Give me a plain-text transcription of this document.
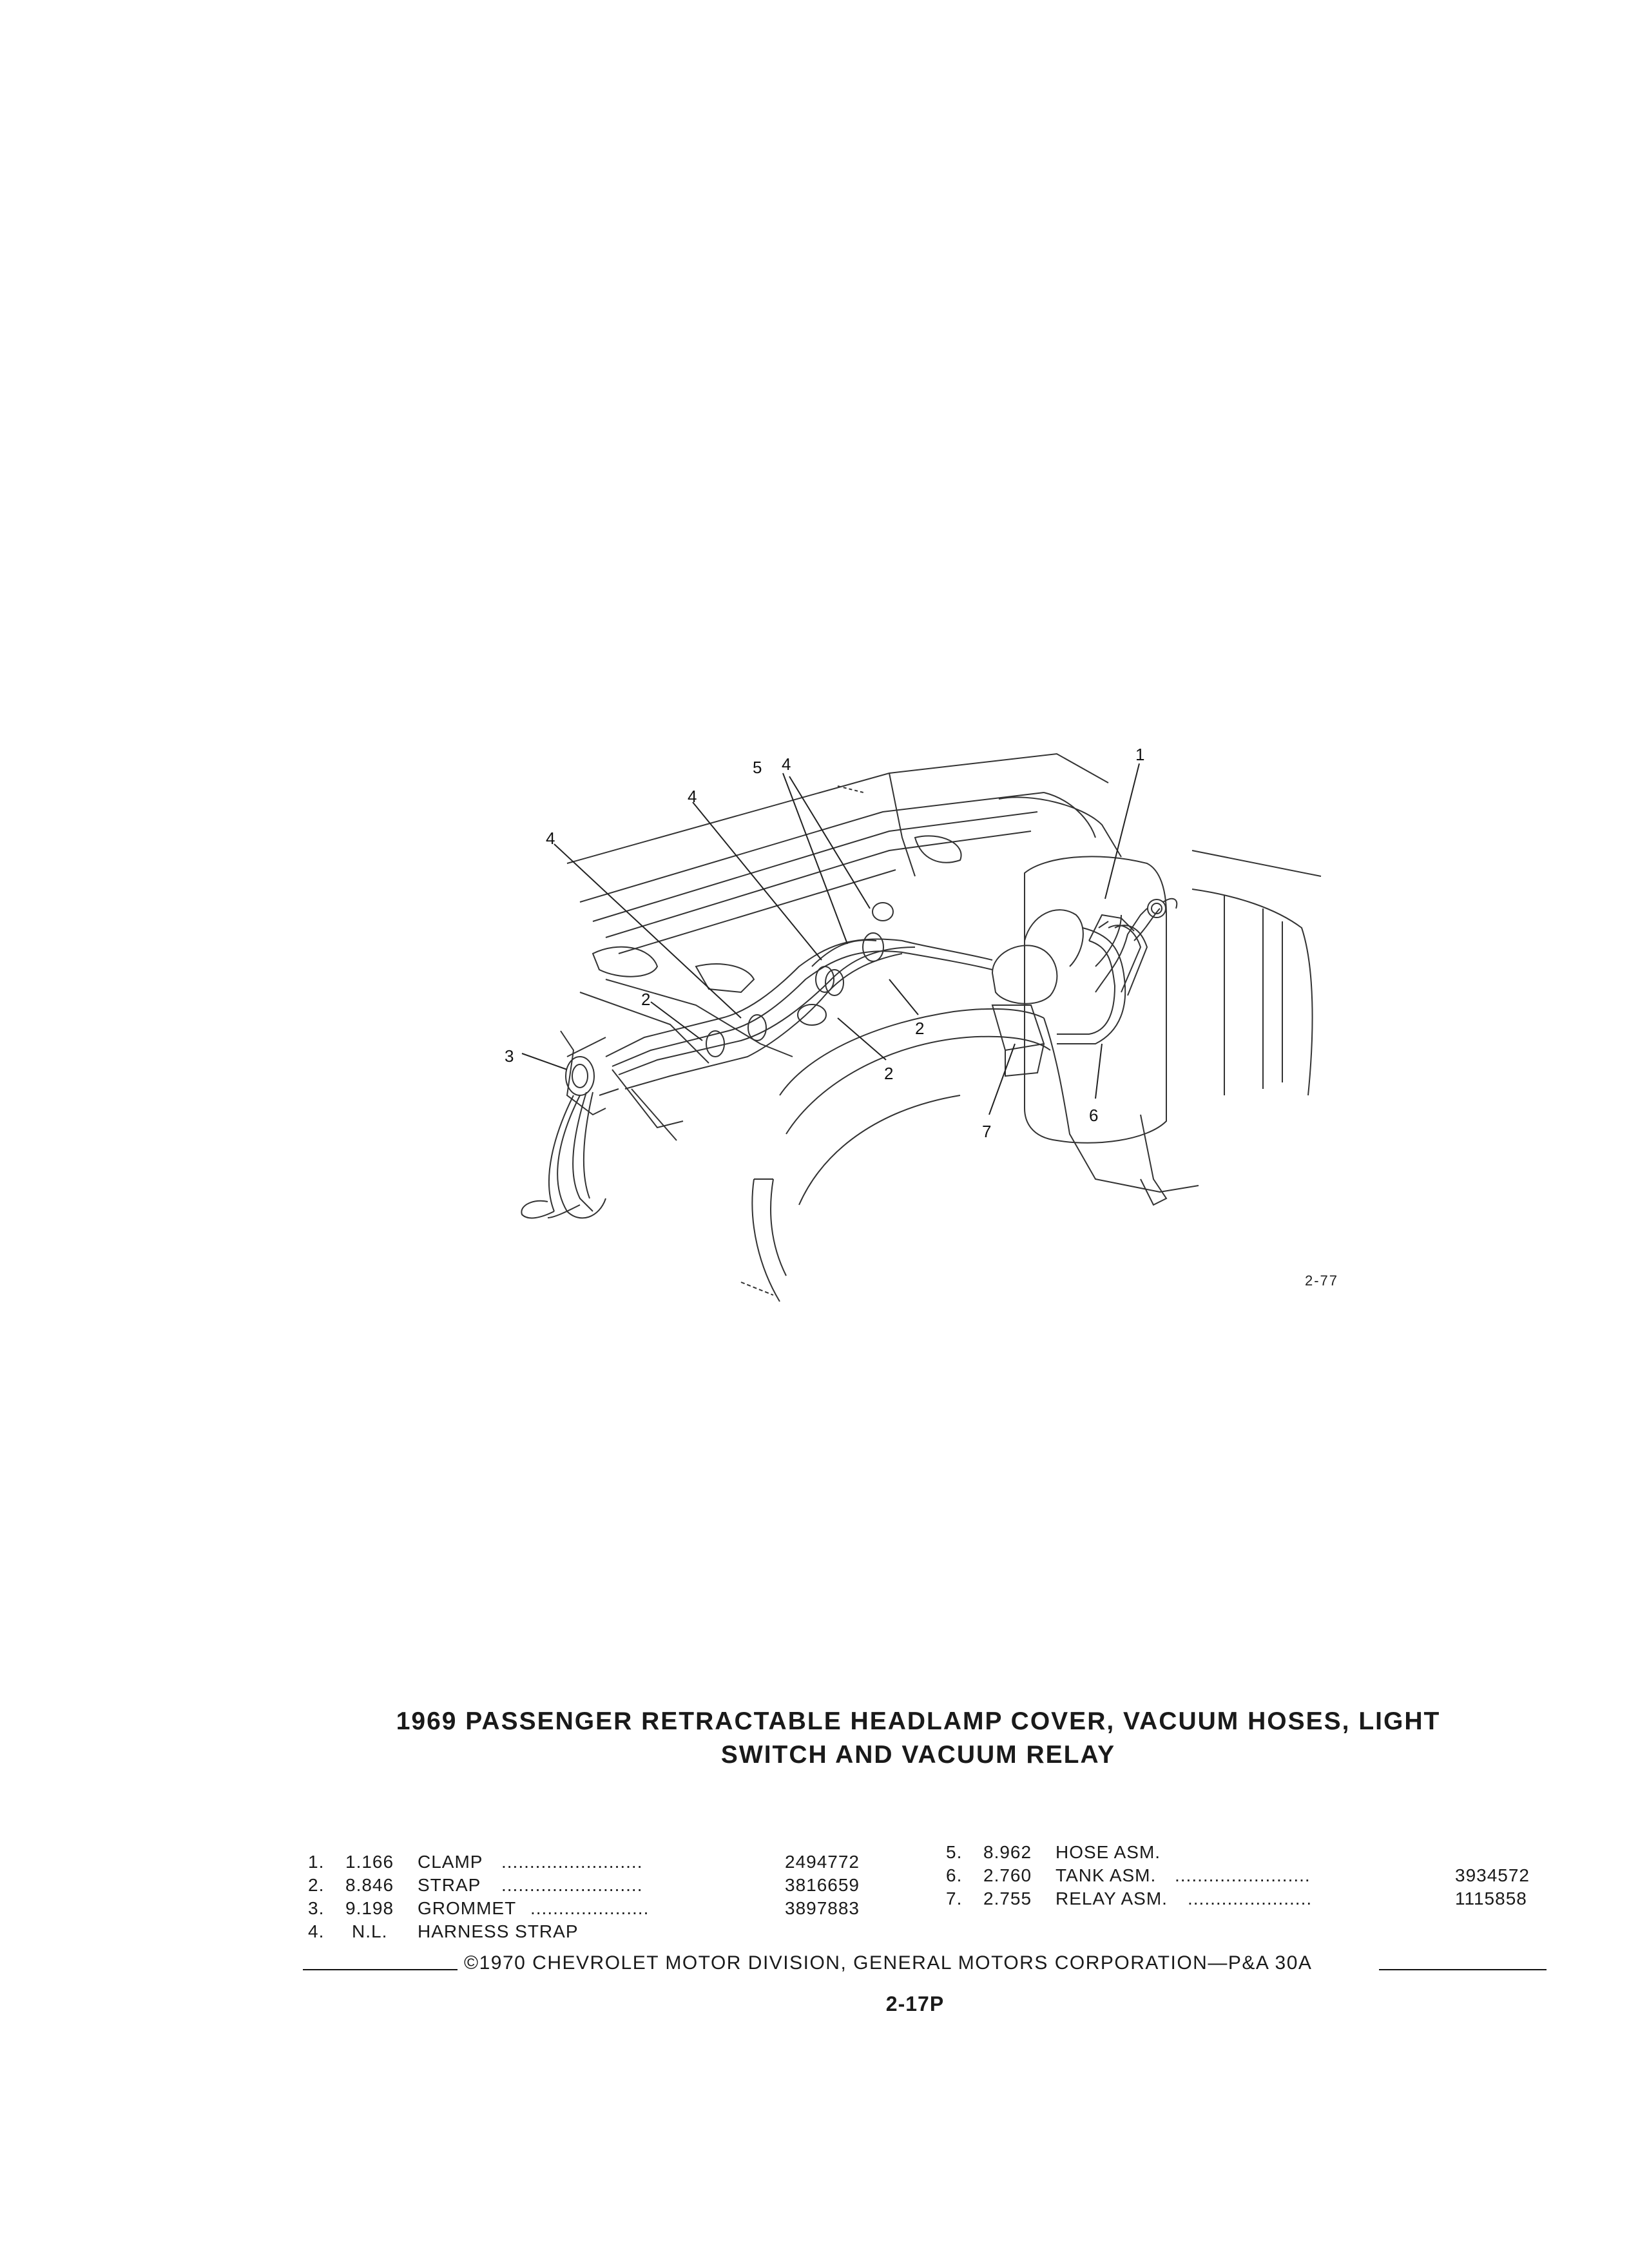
1
2
2
2
3
4
4
4
5
6
7
2-77
1969 PASSENGER RETRACTABLE HEADLAMP COVER, VACUUM HOSES, LIGHT
SWITCH AND VACUUM RELAY
1. 1.166 CLAMP .........................	2494772
2. 8.846 STRAP .........................	3816659
3. 9.198 GROMMET .....................	3897883
4. N.L. HARNESS STRAP
5. 8.962 HOSE ASM.
6. 2.760 TANK ASM. ........................	3934572
7. 2.755 RELAY ASM. ......................	1115858
©1970 CHEVROLET MOTOR DIVISION, GENERAL MOTORS CORPORATION—P&A 30A
2-17P
